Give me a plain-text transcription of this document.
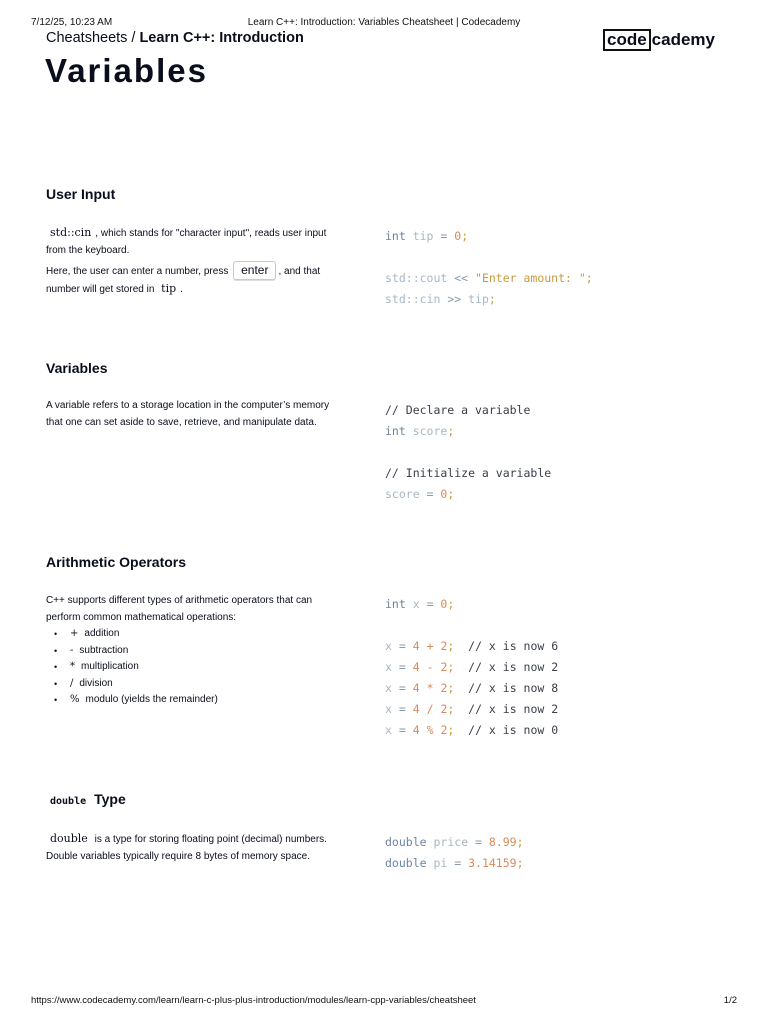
7/12/25, 10:23 AM	Learn C++: Introduction: Variables Cheatsheet | Codecademy
Cheatsheets / Learn C++: Introduction	code cademy
Variables
User Input

std::cin , which stands for "character input", reads user input from the keyboard.

Here, the user can enter a number, press enter , and that number will get stored in tip .

int tip = 0;

std::cout << "Enter amount: ";
std::cin >> tip;
Variables

A variable refers to a storage location in the computer’s memory that one can set aside to save, retrieve, and manipulate data.

// Declare a variable
int score;

// Initialize a variable
score = 0;
Arithmetic Operators

C++ supports different types of arithmetic operators that can perform common mathematical operations:

• + addition
• - subtraction
• * multiplication
• / division
• % modulo (yields the remainder)
int x = 0;

x = 4 + 2;  // x is now 6
x = 4 - 2;  // x is now 2
x = 4 * 2;  // x is now 8
x = 4 / 2;  // x is now 2
x = 4 % 2;  // x is now 0
double Type

double is a type for storing floating point (decimal) numbers. Double variables typically require 8 bytes of memory space.

double price = 8.99;
double pi = 3.14159;
https://www.codecademy.com/learn/learn-c-plus-plus-introduction/modules/learn-cpp-variables/cheatsheet	1/2
